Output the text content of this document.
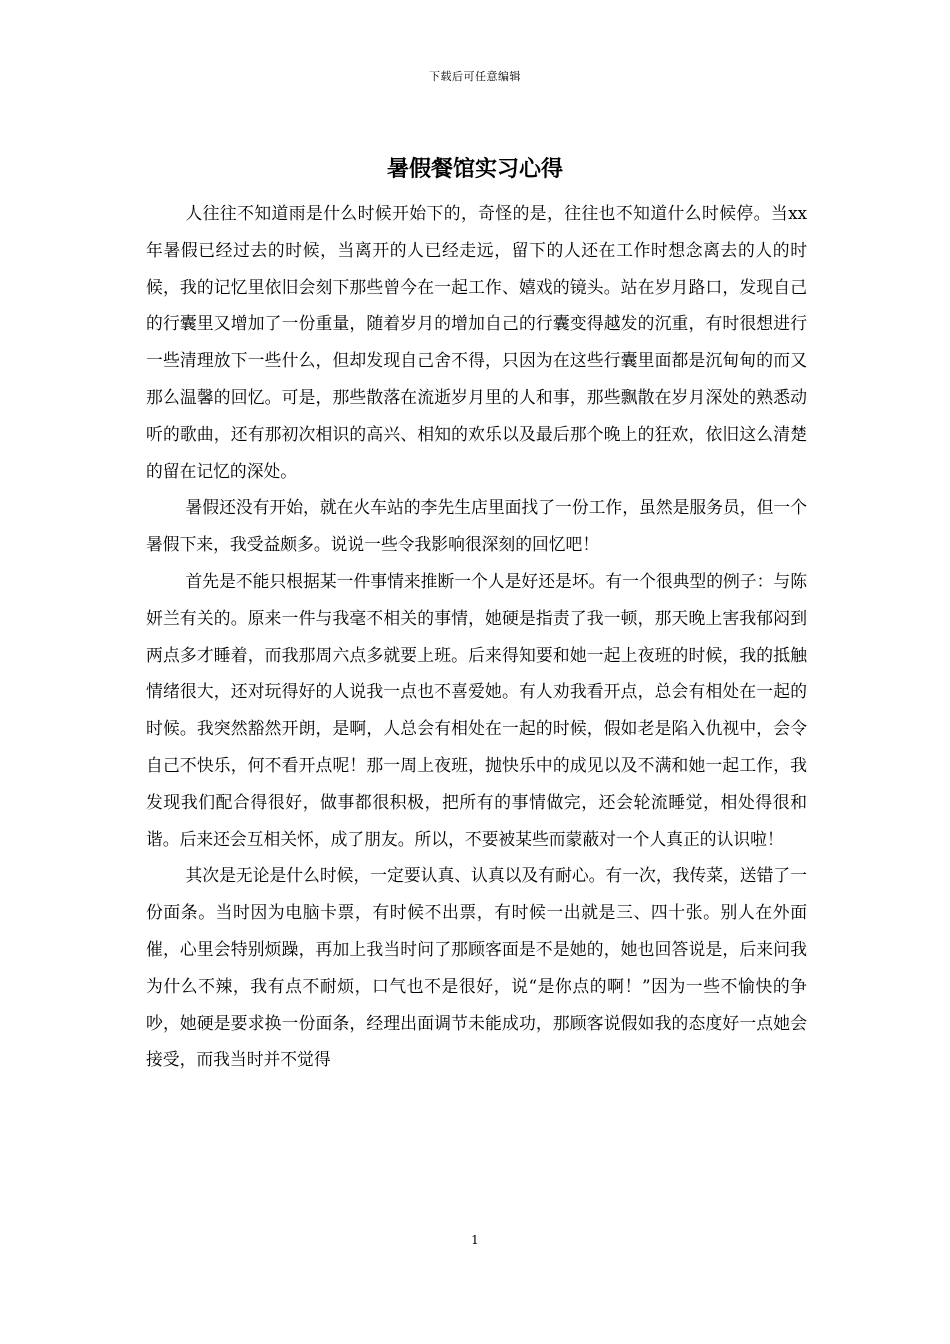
下载后可任意编辑
暑假餐馆实习心得

人往往不知道雨是什么时候开始下的，奇怪的是，往往也不知道什么时候停。当xx年暑假已经过去的时候，当离开的人已经走远，留下的人还在工作时想念离去的人的时候，我的记忆里依旧会刻下那些曾今在一起工作、嬉戏的镜头。站在岁月路口，发现自己的行囊里又增加了一份重量，随着岁月的增加自己的行囊变得越发的沉重，有时很想进行一些清理放下一些什么，但却发现自己舍不得，只因为在这些行囊里面都是沉甸甸的而又那么温馨的回忆。可是，那些散落在流逝岁月里的人和事，那些飘散在岁月深处的熟悉动听的歌曲，还有那初次相识的高兴、相知的欢乐以及最后那个晚上的狂欢，依旧这么清楚的留在记忆的深处。

暑假还没有开始，就在火车站的李先生店里面找了一份工作，虽然是服务员，但一个暑假下来，我受益颇多。说说一些令我影响很深刻的回忆吧！

首先是不能只根据某一件事情来推断一个人是好还是坏。有一个很典型的例子：与陈妍兰有关的。原来一件与我毫不相关的事情，她硬是指责了我一顿，那天晚上害我郁闷到两点多才睡着，而我那周六点多就要上班。后来得知要和她一起上夜班的时候，我的抵触情绪很大，还对玩得好的人说我一点也不喜爱她。有人劝我看开点，总会有相处在一起的时候。我突然豁然开朗，是啊，人总会有相处在一起的时候，假如老是陷入仇视中，会令自己不快乐，何不看开点呢！那一周上夜班，抛快乐中的成见以及不满和她一起工作，我发现我们配合得很好，做事都很积极，把所有的事情做完，还会轮流睡觉，相处得很和谐。后来还会互相关怀，成了朋友。所以，不要被某些而蒙蔽对一个人真正的认识啦！

其次是无论是什么时候，一定要认真、认真以及有耐心。有一次，我传菜，送错了一份面条。当时因为电脑卡票，有时候不出票，有时候一出就是三、四十张。别人在外面催，心里会特别烦躁，再加上我当时问了那顾客面是不是她的，她也回答说是，后来问我为什么不辣，我有点不耐烦，口气也不是很好，说“是你点的啊！”因为一些不愉快的争吵，她硬是要求换一份面条，经理出面调节未能成功，那顾客说假如我的态度好一点她会接受，而我当时并不觉得

1
